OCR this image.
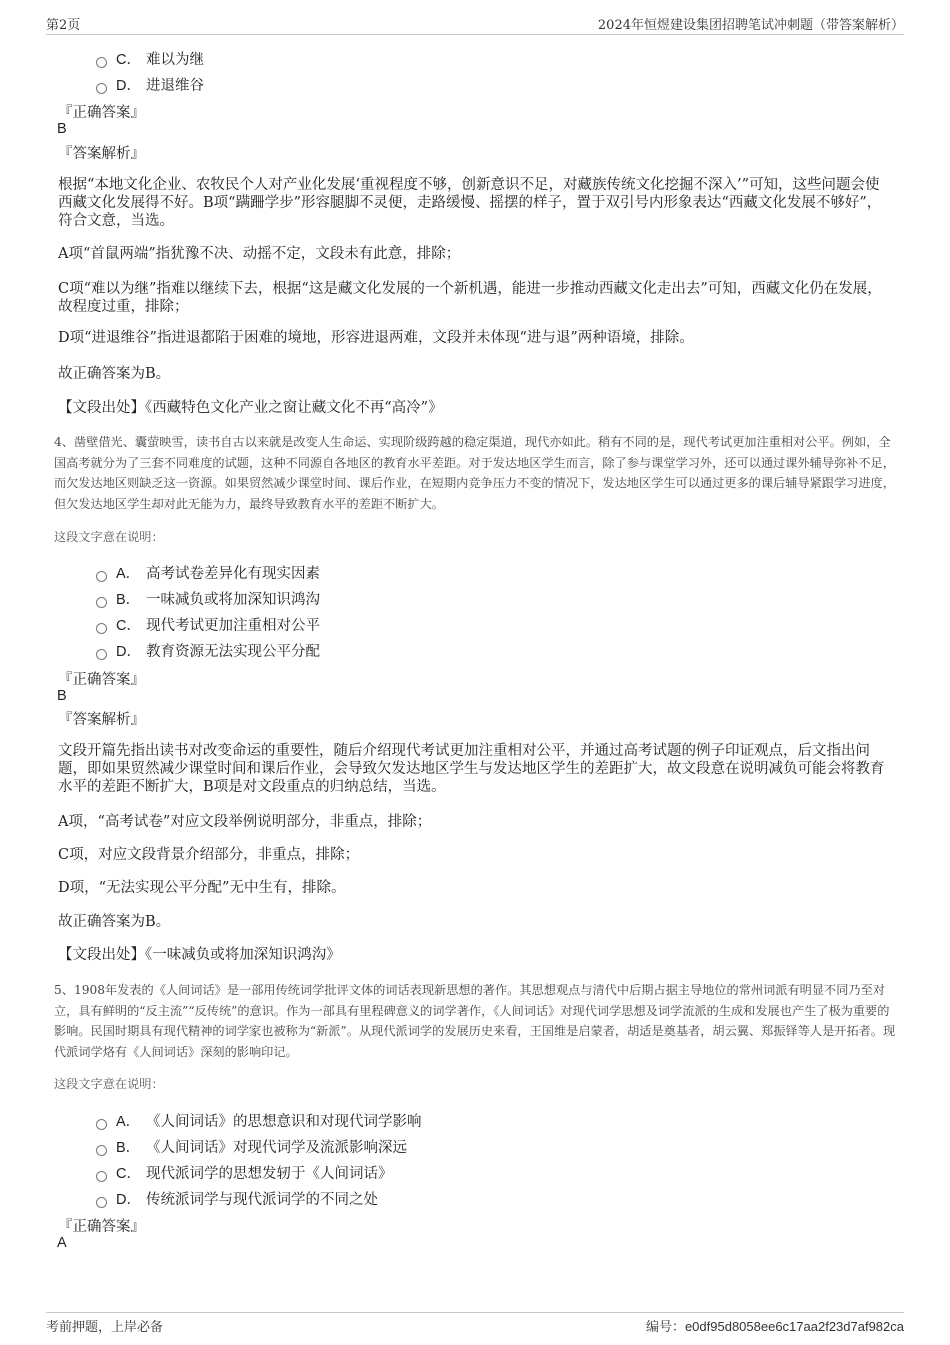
第2页	2024年恒煜建设集团招聘笔试冲刺题（带答案解析）
C． 难以为继
D． 进退维谷
『正确答案』
B
『答案解析』
根据“本地文化企业、农牧民个人对产业化发展‘重视程度不够，创新意识不足，对藏族传统文化挖掘不深入’”可知，这些问题会使西藏文化发展得不好。B项“蹒跚学步”形容腿脚不灵便，走路缓慢、摇摆的样子，置于双引号内形象表达“西藏文化发展不够好”，符合文意，当选。
A项“首鼠两端”指犹豫不决、动摇不定，文段未有此意，排除；
C项“难以为继”指难以继续下去，根据“这是藏文化发展的一个新机遇，能进一步推动西藏文化走出去”可知，西藏文化仍在发展，故程度过重，排除；
D项“进退维谷”指进退都陷于困难的境地，形容进退两难，文段并未体现“进与退”两种语境，排除。
故正确答案为B。
【文段出处】《西藏特色文化产业之窗让藏文化不再“高冷”》
4、凿壁借光、囊萤映雪，读书自古以来就是改变人生命运、实现阶级跨越的稳定渠道，现代亦如此。稍有不同的是，现代考试更加注重相对公平。例如，全国高考就分为了三套不同难度的试题，这种不同源自各地区的教育水平差距。对于发达地区学生而言，除了参与课堂学习外，还可以通过课外辅导弥补不足，而欠发达地区则缺乏这一资源。如果贸然减少课堂时间、课后作业，在短期内竞争压力不变的情况下，发达地区学生可以通过更多的课后辅导紧跟学习进度，但欠发达地区学生却对此无能为力，最终导致教育水平的差距不断扩大。
这段文字意在说明：
A． 高考试卷差异化有现实因素
B． 一味减负或将加深知识鸿沟
C． 现代考试更加注重相对公平
D． 教育资源无法实现公平分配
『正确答案』
B
『答案解析』
文段开篇先指出读书对改变命运的重要性，随后介绍现代考试更加注重相对公平，并通过高考试题的例子印证观点，后文指出问题，即如果贸然减少课堂时间和课后作业，会导致欠发达地区学生与发达地区学生的差距扩大，故文段意在说明减负可能会将教育水平的差距不断扩大，B项是对文段重点的归纳总结，当选。
A项，“高考试卷”对应文段举例说明部分，非重点，排除；
C项，对应文段背景介绍部分，非重点，排除；
D项，“无法实现公平分配”无中生有，排除。
故正确答案为B。
【文段出处】《一味减负或将加深知识鸿沟》
5、1908年发表的《人间词话》是一部用传统词学批评文体的词话表现新思想的著作。其思想观点与清代中后期占据主导地位的常州词派有明显不同乃至对立，具有鲜明的“反主流”“反传统”的意识。作为一部具有里程碑意义的词学著作，《人间词话》对现代词学思想及词学流派的生成和发展也产生了极为重要的影响。民国时期具有现代精神的词学家也被称为“新派”。从现代派词学的发展历史来看，王国维是启蒙者，胡适是奠基者，胡云翼、郑振铎等人是开拓者。现代派词学烙有《人间词话》深刻的影响印记。
这段文字意在说明：
A． 《人间词话》的思想意识和对现代词学影响
B． 《人间词话》对现代词学及流派影响深远
C． 现代派词学的思想发轫于《人间词话》
D． 传统派词学与现代派词学的不同之处
『正确答案』
A
考前押题，上岸必备	编号：e0df95d8058ee6c17aa2f23d7af982ca
